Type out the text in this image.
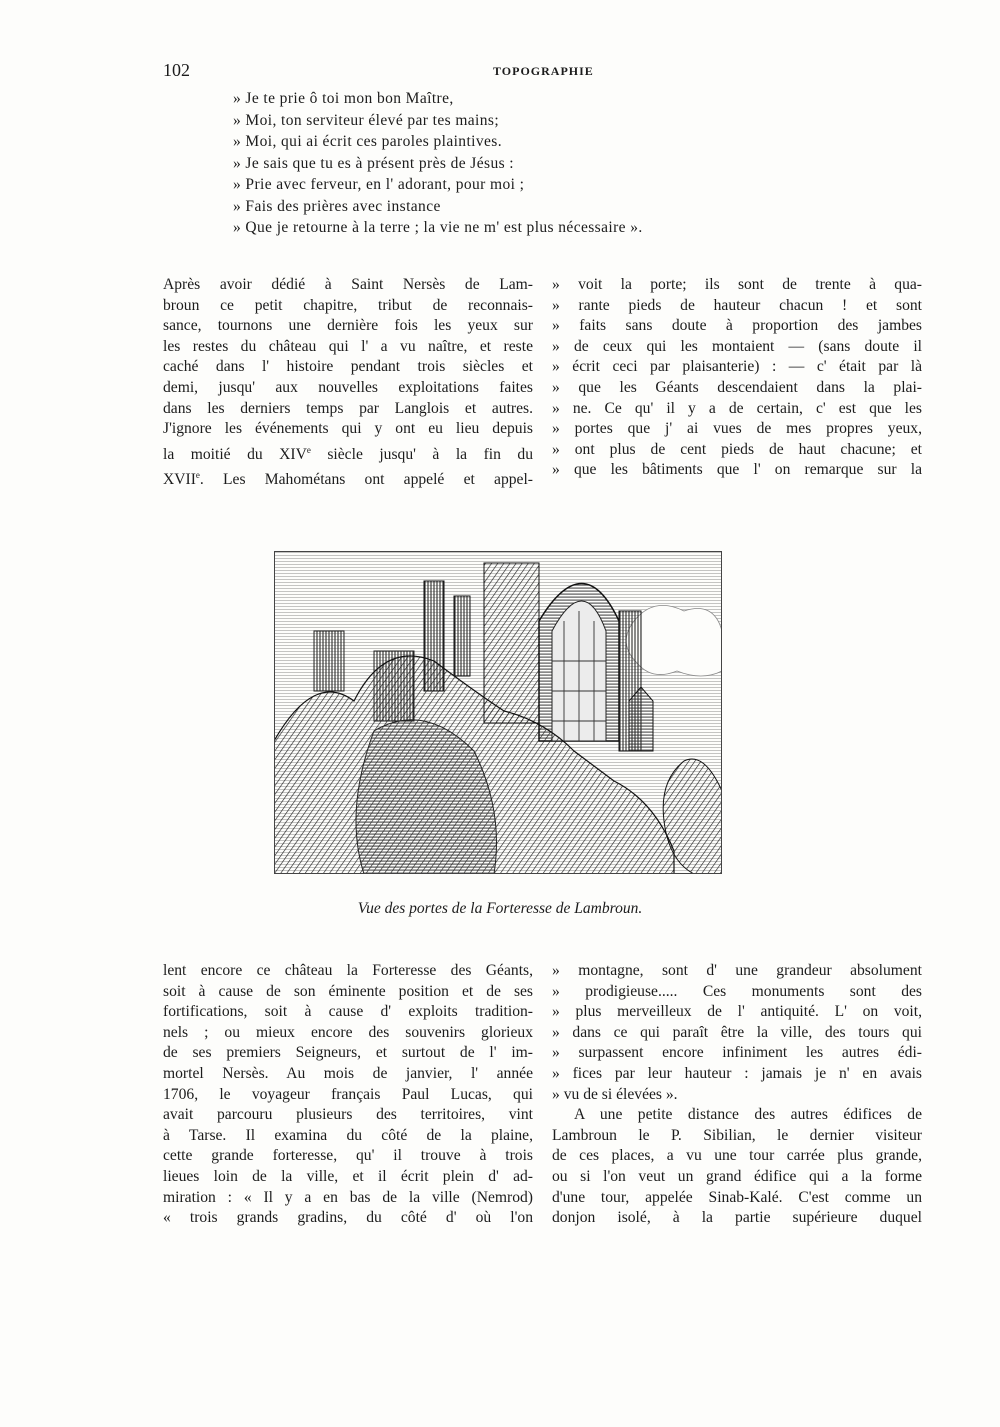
102	TOPOGRAPHIE
» Je te prie ô toi mon bon Maître,
» Moi, ton serviteur élevé par tes mains;
» Moi, qui ai écrit ces paroles plaintives.
» Je sais que tu es à présent près de Jésus :
» Prie avec ferveur, en l' adorant, pour moi ;
» Fais des prières avec instance
» Que je retourne à la terre ; la vie ne m' est plus nécessaire ».
Après avoir dédié à Saint Nersès de Lam-
broun ce petit chapitre, tribut de reconnais-
sance, tournons une dernière fois les yeux sur
les restes du château qui l' a vu naître, et reste
caché dans l' histoire pendant trois siècles et
demi, jusqu' aux nouvelles exploitations faites
dans les derniers temps par Langlois et autres.
J'ignore les événements qui y ont eu lieu depuis
la moitié du XIVe siècle jusqu' à la fin du
XVIIe. Les Mahométans ont appelé et appel-
» voit la porte; ils sont de trente à qua-
» rante pieds de hauteur chacun ! et sont
» faits sans doute à proportion des jambes
» de ceux qui les montaient — (sans doute il
» écrit ceci par plaisanterie) : — c' était par là
» que les Géants descendaient dans la plai-
» ne. Ce qu' il y a de certain, c' est que les
» portes que j' ai vues de mes propres yeux,
» ont plus de cent pieds de haut chacune; et
» que les bâtiments que l' on remarque sur la
Vue des portes de la Forteresse de Lambroun.
lent encore ce château la Forteresse des Géants,
soit à cause de son éminente position et de ses
fortifications, soit à cause d' exploits tradition-
nels ; ou mieux encore des souvenirs glorieux
de ses premiers Seigneurs, et surtout de l' im-
mortel Nersès. Au mois de janvier, l' année
1706, le voyageur français Paul Lucas, qui
avait parcouru plusieurs des territoires, vint
à Tarse. Il examina du côté de la plaine,
cette grande forteresse, qu' il trouve à trois
lieues loin de la ville, et il écrit plein d' ad-
miration : « Il y a en bas de la ville (Nemrod)
« trois grands gradins, du côté d' où l'on
» montagne, sont d' une grandeur absolument
» prodigieuse..... Ces monuments sont des
» plus merveilleux de l' antiquité. L' on voit,
» dans ce qui paraît être la ville, des tours qui
» surpassent encore infiniment les autres édi-
» fices par leur hauteur : jamais je n' en avais
» vu de si élevées ».
A une petite distance des autres édifices de
Lambroun le P. Sibilian, le dernier visiteur
de ces places, a vu une tour carrée plus grande,
ou si l'on veut un grand édifice qui a la forme
d'une tour, appelée Sinab-Kalé. C'est comme un
donjon isolé, à la partie supérieure duquel
